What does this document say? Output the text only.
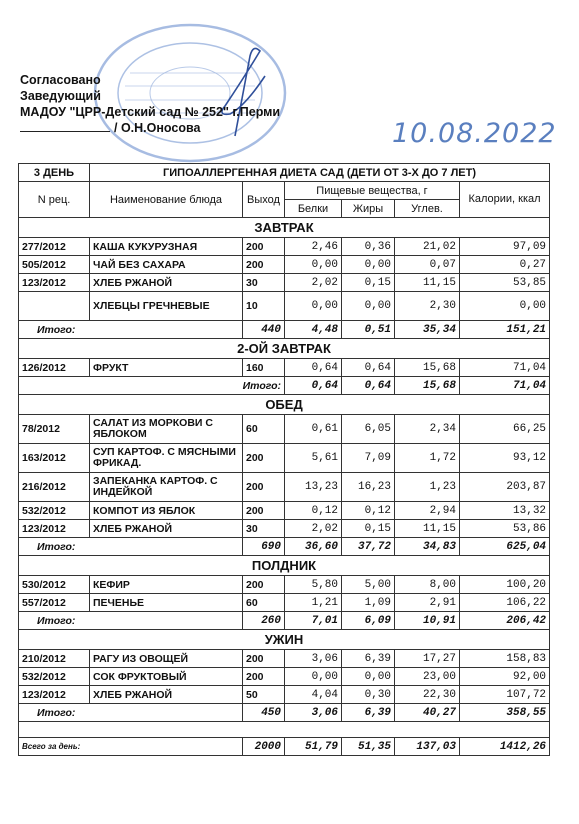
Согласовано
Заведующий
МАДОУ "ЦРР-Детский сад № 252" г.Перми
/ О.Н.Оносова	10.08.2022
3 ДЕНЬ	ГИПОАЛЛЕРГЕННАЯ ДИЕТА САД (ДЕТИ ОТ 3-Х ДО 7 ЛЕТ)					
N рец.	Наименование блюда	Выход	Пищевые вещества, г			Калории, ккал
			Белки	Жиры	Углев.	
ЗАВТРАК						
277/2012	КАША КУКУРУЗНАЯ	200	2,46	0,36	21,02	97,09
505/2012	ЧАЙ БЕЗ САХАРА	200	0,00	0,00	0,07	0,27
123/2012	ХЛЕБ РЖАНОЙ	30	2,02	0,15	11,15	53,85
	ХЛЕБЦЫ ГРЕЧНЕВЫЕ	10	0,00	0,00	2,30	0,00
Итого:		440	4,48	0,51	35,34	151,21
2-ОЙ ЗАВТРАК						
126/2012	ФРУКТ	160	0,64	0,64	15,68	71,04
Итого:			0,64	0,64	15,68	71,04
ОБЕД						
78/2012	САЛАТ ИЗ МОРКОВИ С ЯБЛОКОМ	60	0,61	6,05	2,34	66,25
163/2012	СУП КАРТОФ. С МЯСНЫМИ ФРИКАД.	200	5,61	7,09	1,72	93,12
216/2012	ЗАПЕКАНКА КАРТОФ. С ИНДЕЙКОЙ	200	13,23	16,23	1,23	203,87
532/2012	КОМПОТ ИЗ ЯБЛОК	200	0,12	0,12	2,94	13,32
123/2012	ХЛЕБ РЖАНОЙ	30	2,02	0,15	11,15	53,86
Итого:		690	36,60	37,72	34,83	625,04
ПОЛДНИК						
530/2012	КЕФИР	200	5,80	5,00	8,00	100,20
557/2012	ПЕЧЕНЬЕ	60	1,21	1,09	2,91	106,22
Итого:		260	7,01	6,09	10,91	206,42
УЖИН						
210/2012	РАГУ ИЗ ОВОЩЕЙ	200	3,06	6,39	17,27	158,83
532/2012	СОК ФРУКТОВЫЙ	200	0,00	0,00	23,00	92,00
123/2012	ХЛЕБ РЖАНОЙ	50	4,04	0,30	22,30	107,72
Итого:		450	3,06	6,39	40,27	358,55

Всего за день:		2000	51,79	51,35	137,03	1412,26
